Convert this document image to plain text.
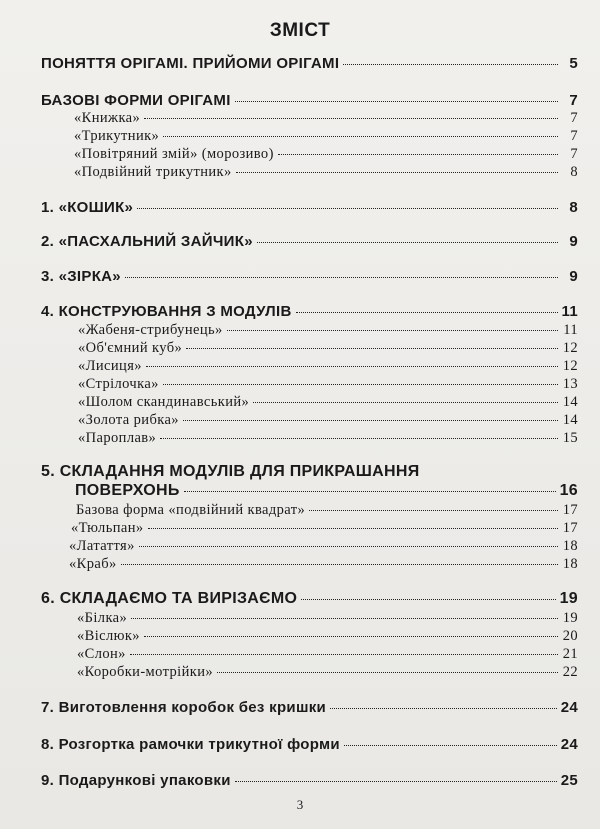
ЗМІСТ
ПОНЯТТЯ ОРІГАМІ. ПРИЙОМИ ОРІГАМІ	5
БАЗОВІ ФОРМИ ОРІГАМІ	7
«Книжка»	7
«Трикутник»	7
«Повітряний змій» (морозиво)	7
«Подвійний трикутник»	8
1. «КОШИК»	8
2. «ПАСХАЛЬНИЙ ЗАЙЧИК»	9
3. «ЗІРКА»	9
4. КОНСТРУЮВАННЯ З МОДУЛІВ	11
«Жабеня-стрибунець»	11
«Об'ємний куб»	12
«Лисиця»	12
«Стрілочка»	13
«Шолом скандинавський»	14
«Золота рибка»	14
«Пароплав»	15
5. СКЛАДАННЯ МОДУЛІВ ДЛЯ ПРИКРАШАННЯ
ПОВЕРХОНЬ	16
Базова форма «подвійний квадрат»	17
«Тюльпан»	17
«Латаття»	18
«Краб»	18
6. СКЛАДАЄМО ТА ВИРІЗАЄМО	19
«Білка»	19
«Віслюк»	20
«Слон»	21
«Коробки-мотрійки»	22
7. Виготовлення коробок без кришки	24
8. Розгортка рамочки трикутної форми	24
9. Подарункові упаковки	25
3
